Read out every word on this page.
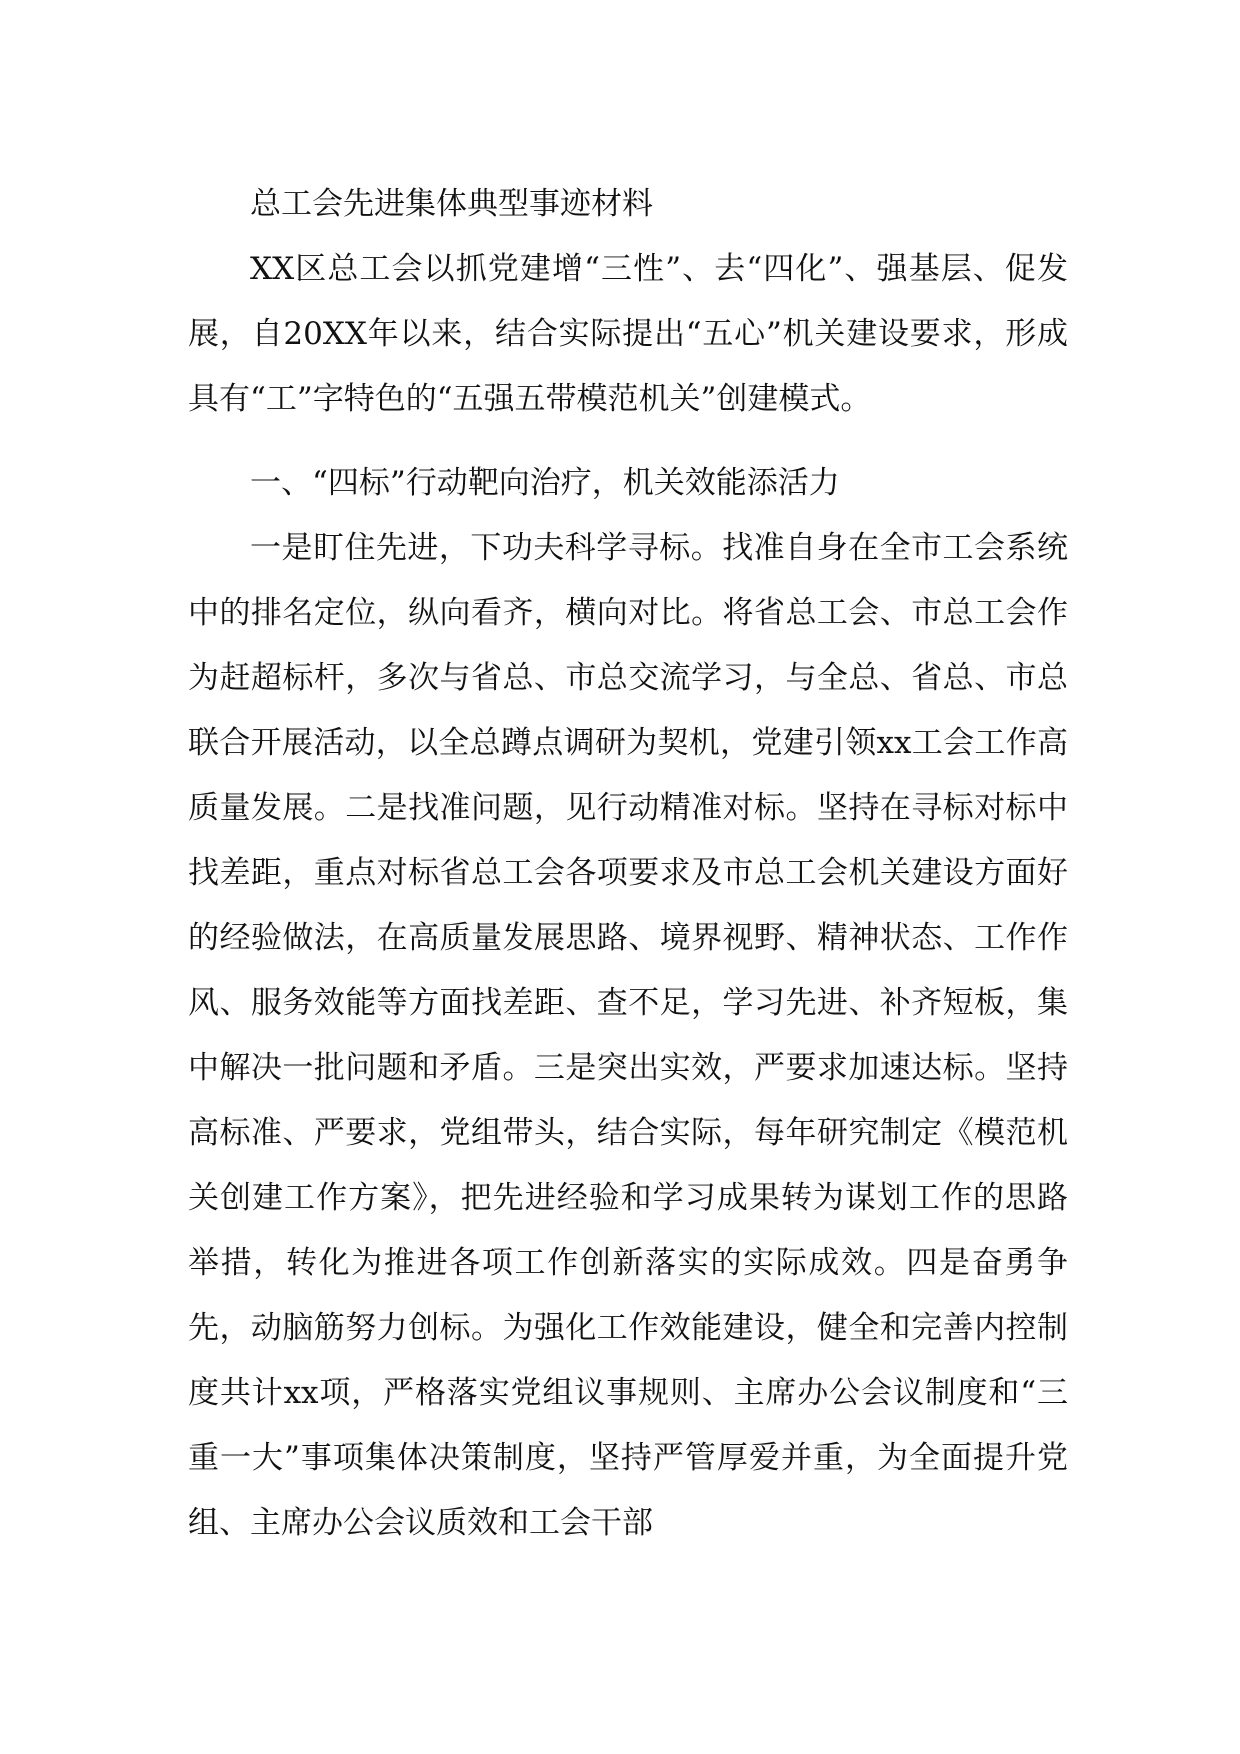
总工会先进集体典型事迹材料

XX区总工会以抓党建增“三性”、去“四化”、强基层、促发展，自20XX年以来，结合实际提出“五心”机关建设要求，形成具有“工”字特色的“五强五带模范机关”创建模式。

一、“四标”行动靶向治疗，机关效能添活力

一是盯住先进，下功夫科学寻标。找准自身在全市工会系统中的排名定位，纵向看齐，横向对比。将省总工会、市总工会作为赶超标杆，多次与省总、市总交流学习，与全总、省总、市总联合开展活动，以全总蹲点调研为契机，党建引领xx工会工作高质量发展。二是找准问题，见行动精准对标。坚持在寻标对标中找差距，重点对标省总工会各项要求及市总工会机关建设方面好的经验做法，在高质量发展思路、境界视野、精神状态、工作作风、服务效能等方面找差距、查不足，学习先进、补齐短板，集中解决一批问题和矛盾。三是突出实效，严要求加速达标。坚持高标准、严要求，党组带头，结合实际，每年研究制定《模范机关创建工作方案》，把先进经验和学习成果转为谋划工作的思路举措，转化为推进各项工作创新落实的实际成效。四是奋勇争先，动脑筋努力创标。为强化工作效能建设，健全和完善内控制度共计xx项，严格落实党组议事规则、主席办公会议制度和“三重一大”事项集体决策制度，坚持严管厚爱并重，为全面提升党组、主席办公会议质效和工会干部
